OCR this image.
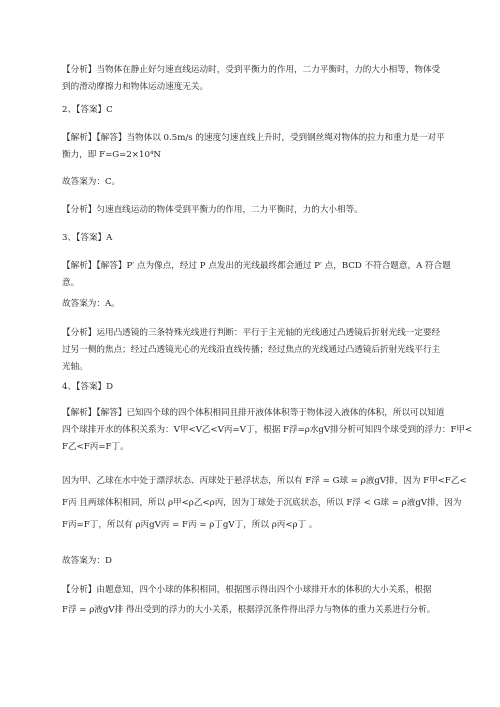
【分析】当物体在静止好匀速直线运动时，受到平衡力的作用，二力平衡时，力的大小相等，物体受
到的滑动摩擦力和物体运动速度无关。

2、【答案】C

【解析】【解答】当物体以 0.5m/s 的速度匀速直线上升时，受到钢丝绳对物体的拉力和重力是一对平
衡力，即 F=G=2×10⁴N

故答案为：C。

【分析】匀速直线运动的物体受到平衡力的作用，二力平衡时，力的大小相等。

3、【答案】A

【解析】【解答】P′ 点为像点，经过 P 点发出的光线最终都会通过 P′ 点，BCD 不符合题意，A 符合题
意。

故答案为：A。

【分析】运用凸透镜的三条特殊光线进行判断：平行于主光轴的光线通过凸透镜后折射光线一定要经
过另一侧的焦点；经过凸透镜光心的光线沿直线传播；经过焦点的光线通过凸透镜后折射光线平行主
光轴。

4、【答案】D

【解析】【解答】已知四个球的四个体积相同且排开液体体积等于物体浸入液体的体积，所以可以知道
四个球排开水的体积关系为：V甲<V乙<V丙=V丁，根据 F浮=ρ水gV排分析可知四个球受到的浮力：F甲<
F乙<F丙=F丁。

因为甲、乙球在水中处于漂浮状态、丙球处于悬浮状态，所以有 F浮 = G球 = ρ液gV排，因为 F甲<F乙<
F丙 且两球体积相同，所以 ρ甲<ρ乙<ρ丙，因为丁球处于沉底状态，所以 F浮 < G球 = ρ液gV排，因为
F丙=F丁，所以有 ρ丙gV丙 = F丙 = ρ丁gV丁，所以 ρ丙<ρ丁 。

故答案为：D

【分析】由题意知，四个小球的体积相同，根据图示得出四个小球排开水的体积的大小关系，根据
F浮 = ρ液gV排 得出受到的浮力的大小关系，根据浮沉条件得出浮力与物体的重力关系进行分析。
